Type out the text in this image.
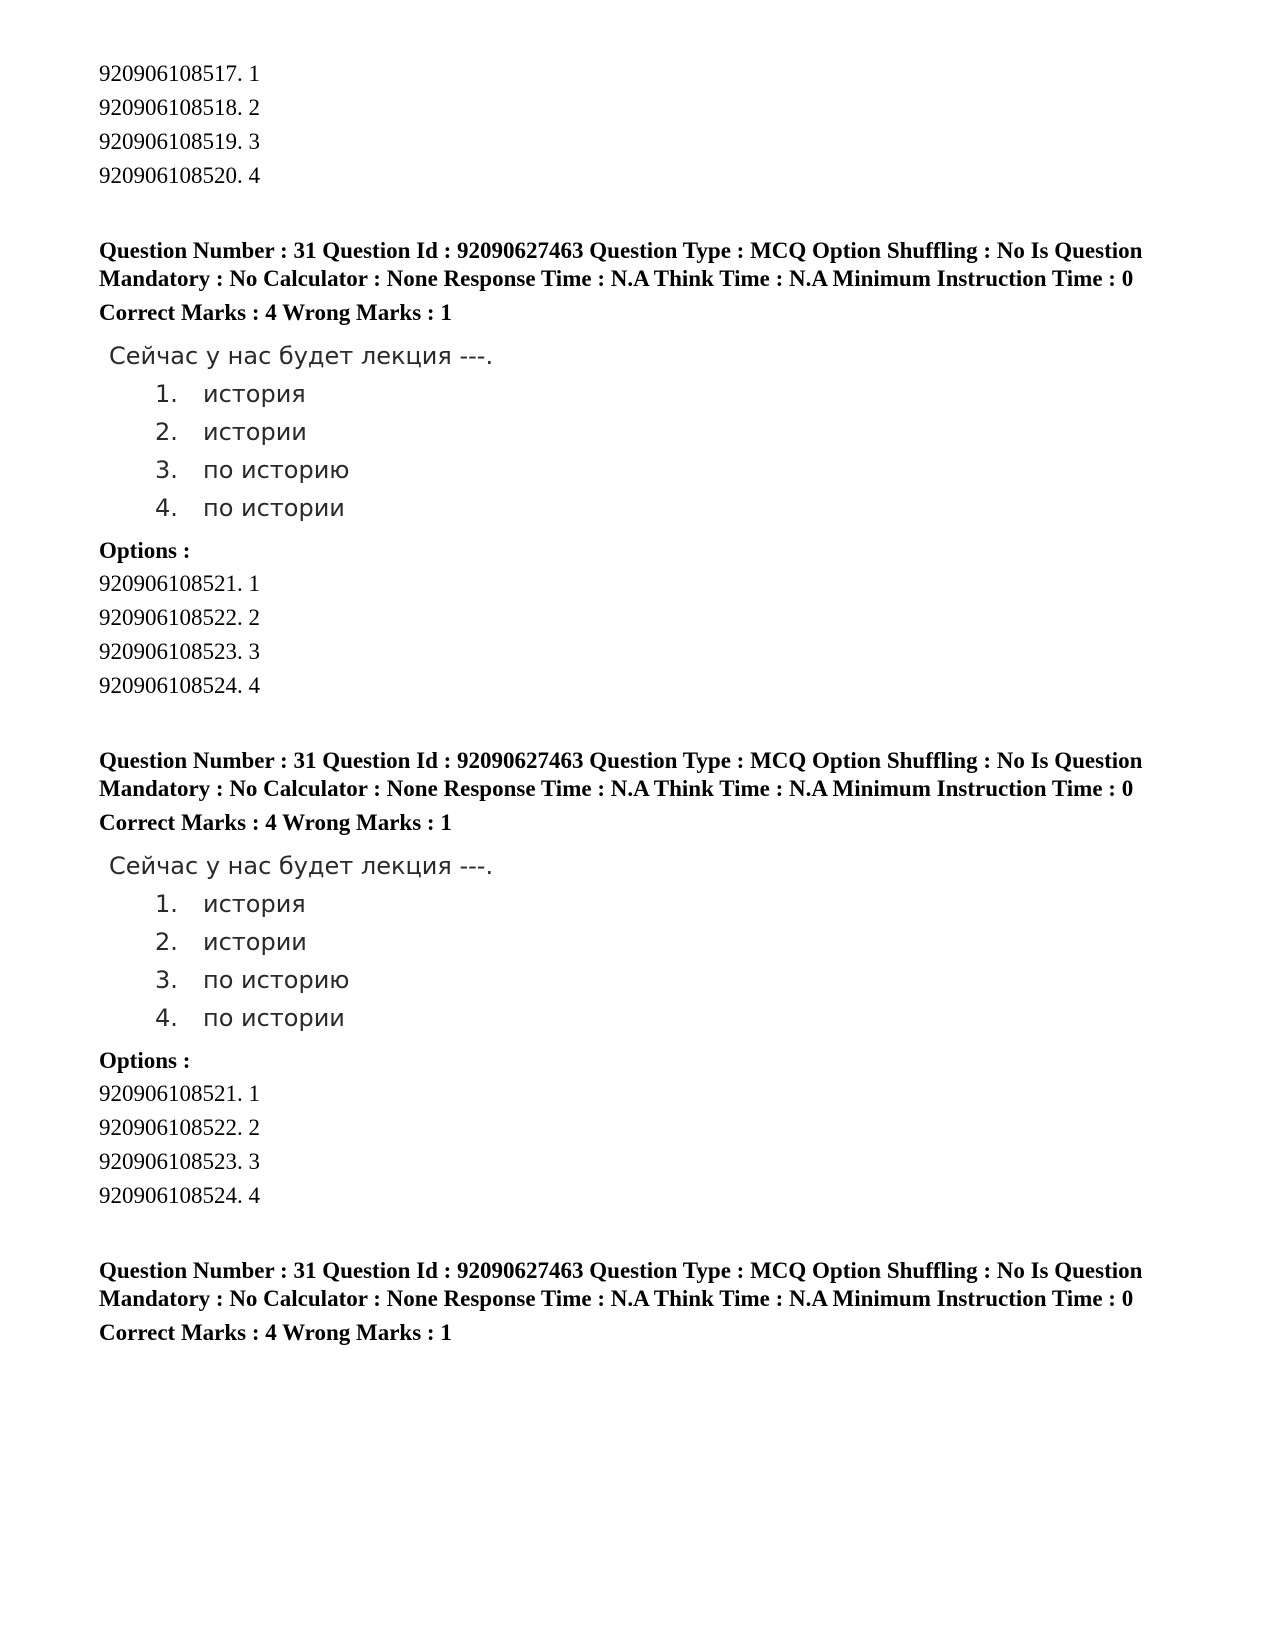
920906108517. 1
920906108518. 2
920906108519. 3
920906108520. 4
Question Number : 31 Question Id : 92090627463 Question Type : MCQ Option Shuffling : No Is Question Mandatory : No Calculator : None Response Time : N.A Think Time : N.A Minimum Instruction Time : 0
Correct Marks : 4 Wrong Marks : 1
Сейчас у нас будет лекция ---.
1.	история
2.	истории
3.	по историю
4.	по истории
Options :
920906108521. 1
920906108522. 2
920906108523. 3
920906108524. 4
Question Number : 31 Question Id : 92090627463 Question Type : MCQ Option Shuffling : No Is Question Mandatory : No Calculator : None Response Time : N.A Think Time : N.A Minimum Instruction Time : 0
Correct Marks : 4 Wrong Marks : 1
Сейчас у нас будет лекция ---.
1.	история
2.	истории
3.	по историю
4.	по истории
Options :
920906108521. 1
920906108522. 2
920906108523. 3
920906108524. 4
Question Number : 31 Question Id : 92090627463 Question Type : MCQ Option Shuffling : No Is Question Mandatory : No Calculator : None Response Time : N.A Think Time : N.A Minimum Instruction Time : 0
Correct Marks : 4 Wrong Marks : 1
